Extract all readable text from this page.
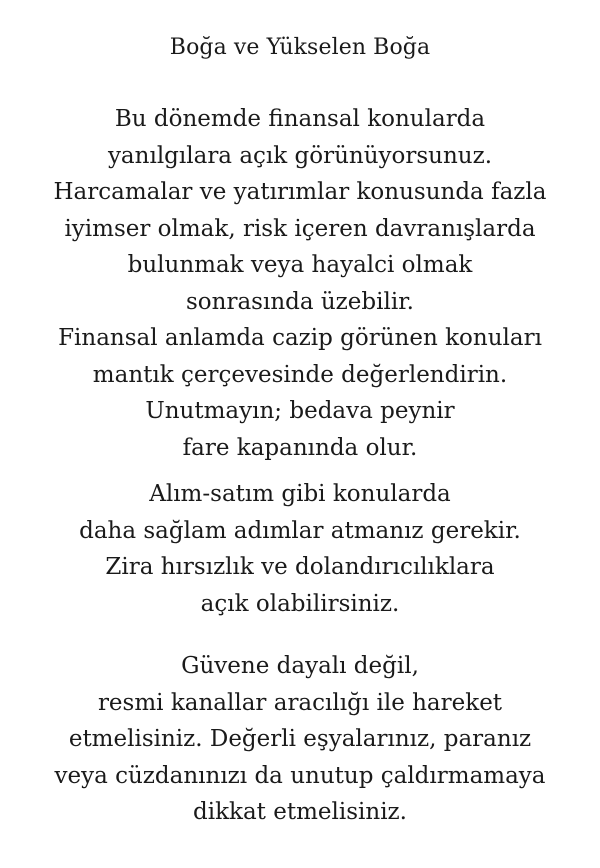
Boğa ve Yükselen Boğa

Bu dönemde finansal konularda
yanılgılara açık görünüyorsunuz.
Harcamalar ve yatırımlar konusunda fazla
iyimser olmak, risk içeren davranışlarda
bulunmak veya hayalci olmak
sonrasında üzebilir.
Finansal anlamda cazip görünen konuları
mantık çerçevesinde değerlendirin.
Unutmayın; bedava peynir
fare kapanında olur.

Alım-satım gibi konularda
daha sağlam adımlar atmanız gerekir.
Zira hırsızlık ve dolandırıcılıklara
açık olabilirsiniz.

Güvene dayalı değil,
resmi kanallar aracılığı ile hareket
etmelisiniz. Değerli eşyalarınız, paranız
veya cüzdanınızı da unutup çaldırmamaya
dikkat etmelisiniz.
